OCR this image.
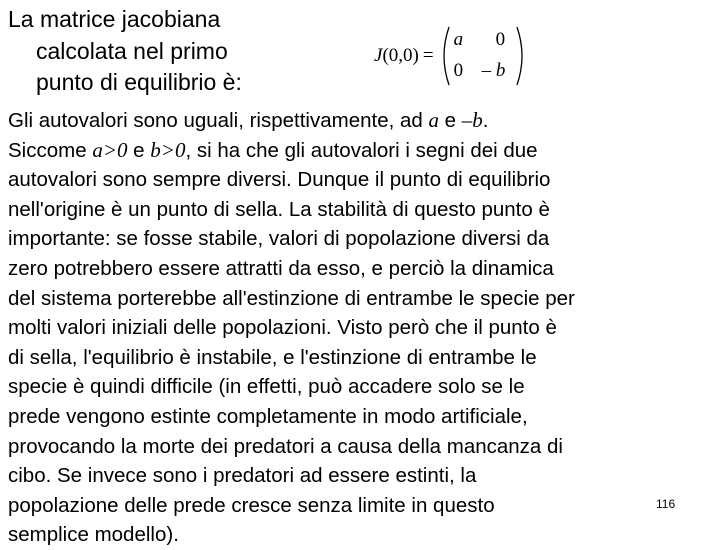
La matrice jacobiana
calcolata nel primo
punto di equilibrio è:
J(0,0) =
a 0
0 – b

Gli autovalori sono uguali, rispettivamente, ad a e –b.

Siccome a>0 e b>0, si ha che gli autovalori i segni dei due

autovalori sono sempre diversi. Dunque il punto di equilibrio

nell'origine è un punto di sella. La stabilità di questo punto è

importante: se fosse stabile, valori di popolazione diversi da

zero potrebbero essere attratti da esso, e perciò la dinamica

del sistema porterebbe all'estinzione di entrambe le specie per

molti valori iniziali delle popolazioni. Visto però che il punto è

di sella, l'equilibrio è instabile, e l'estinzione di entrambe le

specie è quindi difficile (in effetti, può accadere solo se le

prede vengono estinte completamente in modo artificiale,

provocando la morte dei predatori a causa della mancanza di

cibo. Se invece sono i predatori ad essere estinti, la

popolazione delle prede cresce senza limite in questo

semplice modello).

116
